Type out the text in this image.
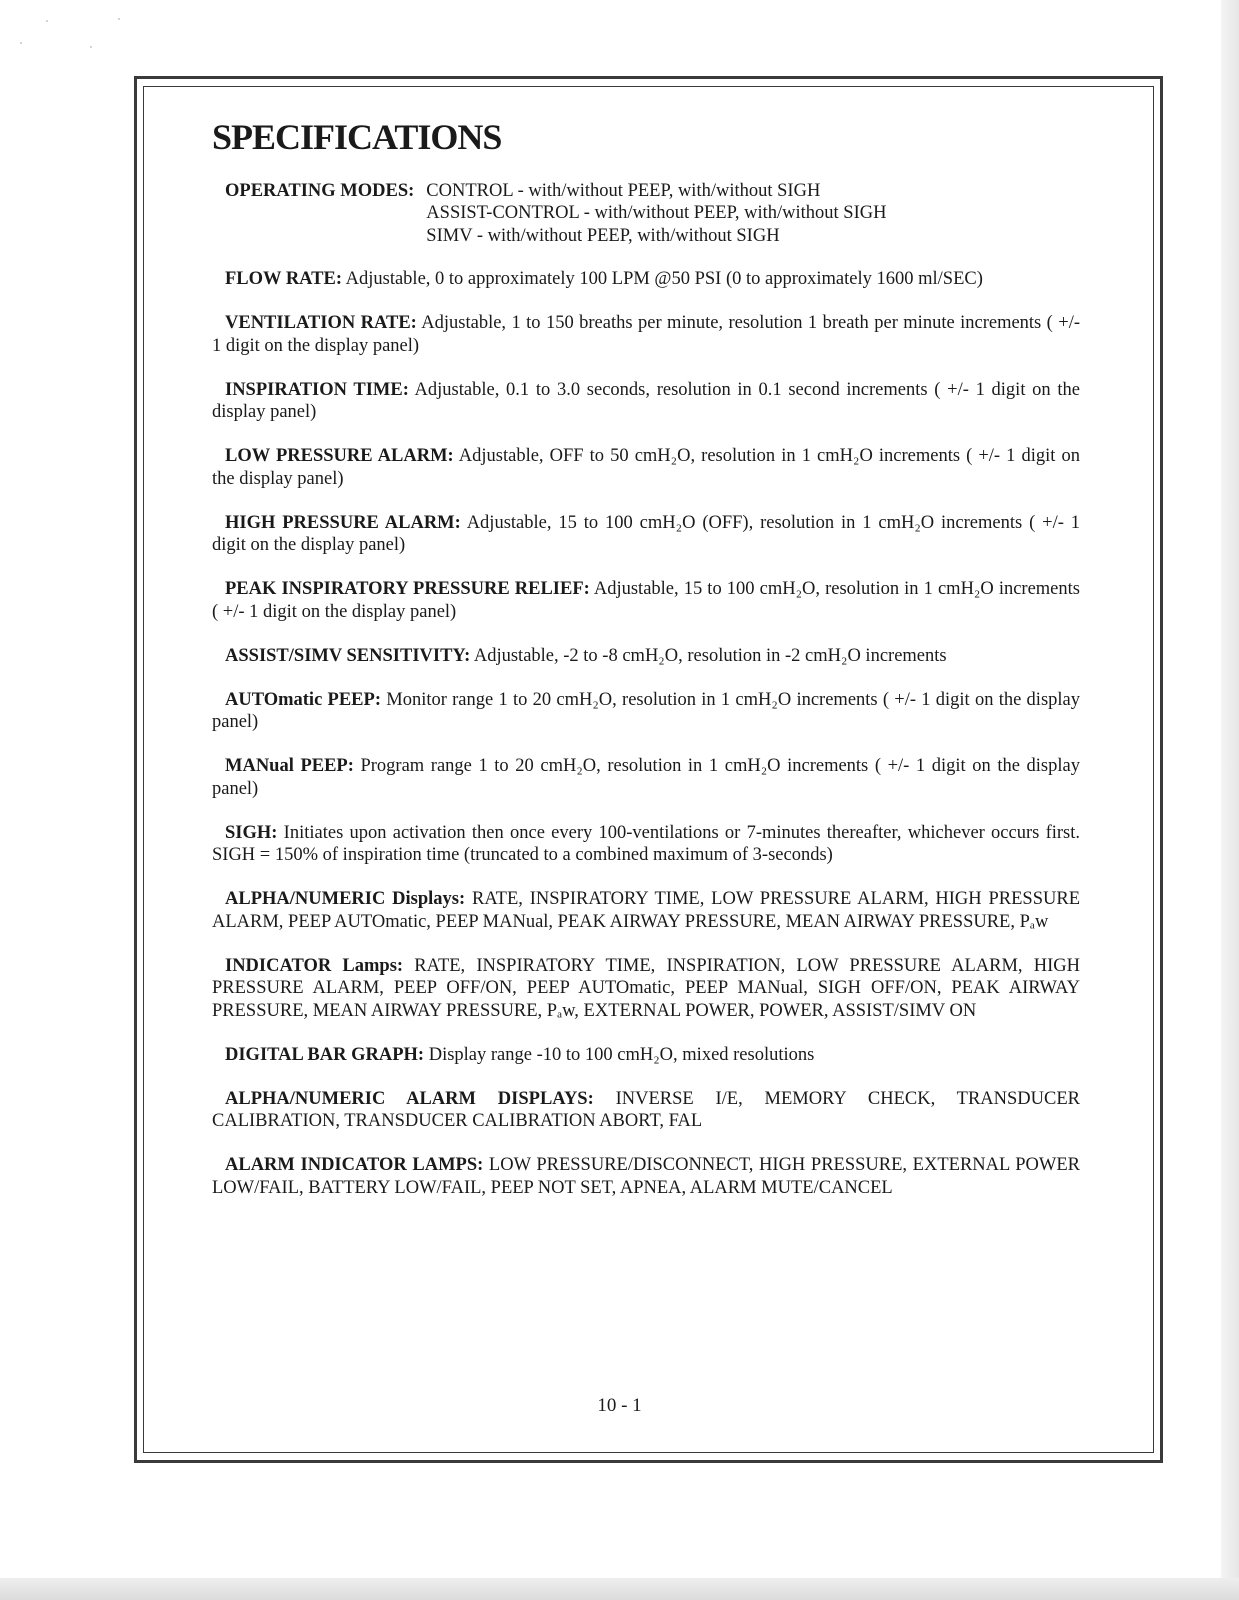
SPECIFICATIONS
OPERATING MODES: CONTROL - with/without PEEP, with/without SIGH
ASSIST-CONTROL - with/without PEEP, with/without SIGH
SIMV - with/without PEEP, with/without SIGH

FLOW RATE: Adjustable, 0 to approximately 100 LPM @50 PSI (0 to approximately 1600 ml/SEC)

VENTILATION RATE: Adjustable, 1 to 150 breaths per minute, resolution 1 breath per minute increments ( +/- 1 digit on the display panel)

INSPIRATION TIME: Adjustable, 0.1 to 3.0 seconds, resolution in 0.1 second increments ( +/- 1 digit on the display panel)

LOW PRESSURE ALARM: Adjustable, OFF to 50 cmH₂O, resolution in 1 cmH₂O increments ( +/- 1 digit on the display panel)

HIGH PRESSURE ALARM: Adjustable, 15 to 100 cmH₂O (OFF), resolution in 1 cmH₂O increments ( +/- 1 digit on the display panel)

PEAK INSPIRATORY PRESSURE RELIEF: Adjustable, 15 to 100 cmH₂O, resolution in 1 cmH₂O increments ( +/- 1 digit on the display panel)

ASSIST/SIMV SENSITIVITY: Adjustable, -2 to -8 cmH₂O, resolution in -2 cmH₂O increments

AUTOmatic PEEP: Monitor range 1 to 20 cmH₂O, resolution in 1 cmH₂O increments ( +/- 1 digit on the display panel)

MANual PEEP: Program range 1 to 20 cmH₂O, resolution in 1 cmH₂O increments ( +/- 1 digit on the display panel)

SIGH: Initiates upon activation then once every 100-ventilations or 7-minutes thereafter, whichever occurs first. SIGH = 150% of inspiration time (truncated to a combined maximum of 3-seconds)

ALPHA/NUMERIC Displays: RATE, INSPIRATORY TIME, LOW PRESSURE ALARM, HIGH PRESSURE ALARM, PEEP AUTOmatic, PEEP MANual, PEAK AIRWAY PRESSURE, MEAN AIRWAY PRESSURE, Pₐw

INDICATOR Lamps: RATE, INSPIRATORY TIME, INSPIRATION, LOW PRESSURE ALARM, HIGH PRESSURE ALARM, PEEP OFF/ON, PEEP AUTOmatic, PEEP MANual, SIGH OFF/ON, PEAK AIRWAY PRESSURE, MEAN AIRWAY PRESSURE, Pₐw, EXTERNAL POWER, POWER, ASSIST/SIMV ON

DIGITAL BAR GRAPH: Display range -10 to 100 cmH₂O, mixed resolutions

ALPHA/NUMERIC ALARM DISPLAYS: INVERSE I/E, MEMORY CHECK, TRANSDUCER CALIBRATION, TRANSDUCER CALIBRATION ABORT, FAL

ALARM INDICATOR LAMPS: LOW PRESSURE/DISCONNECT, HIGH PRESSURE, EXTERNAL POWER LOW/FAIL, BATTERY LOW/FAIL, PEEP NOT SET, APNEA, ALARM MUTE/CANCEL

10 - 1
